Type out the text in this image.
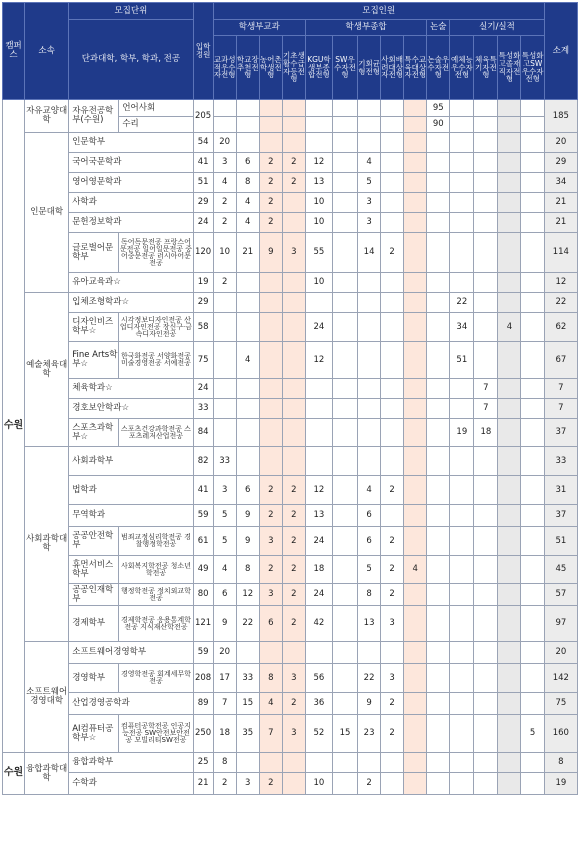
캠퍼스	소속	모집단위		입학정원	모집인원														소계
		단과대학, 학부, 학과, 전공			학생부교과				학생부종합					논술	실기/실적				
					교과성적우수자전형	학교장추천전형	농어촌학생전형	기초생활수급자등전형	KGU학생부종합전형	SW우수자전형	기회균형전형	사회배려대상자전형	특수교육대상자전형	논술우수자전형	예체능우수자전형	체육특기자전형	특성화고졸재직자전형	특성화고SW우수자전형	
수원	자유교양대학	자유전공학부(수원)	언어사회	205										95					185
			수리											90					
	인문대학	인문학부		54	20														20
		국어국문학과		41	3	6	2	2	12		4								29
		영어영문학과		51	4	8	2	2	13		5								34
		사학과		29	2	4	2		10		3								21
		문헌정보학과		24	2	4	2		10		3								21
		글로벌어문학부	독어독문전공 프랑스어문전공 일어일문전공 중어중문전공 러시아어문전공	120	10	21	9	3	55		14	2							114
		유아교육과☆		19	2				10										12
	예술체육대학	입체조형학과☆		29											22				22
		디자인비즈학부☆	시각정보디자인전공 산업디자인전공 장신구·금속디자인전공	58					24						34		4		62
		Fine Arts학부☆	한국화전공 서양화전공 미술경영전공 서예전공	75		4			12						51				67
		체육학과☆		24												7			7
		경호보안학과☆		33												7			7
		스포츠과학부☆	스포츠건강과학전공 스포츠레저산업전공	84											19	18			37
	사회과학대학	사회과학부		82	33														33
		법학과		41	3	6	2	2	12		4	2							31
		무역학과		59	5	9	2	2	13		6								37
		공공안전학부	범죄교정심리학전공 경찰행정학전공	61	5	9	3	2	24		6	2							51
		휴먼서비스학부	사회복지학전공 청소년학전공	49	4	8	2	2	18		5	2	4						45
		공공인재학부	행정학전공 정치외교학전공	80	6	12	3	2	24		8	2							57
		경제학부	경제학전공 응용통계학전공 지식재산학전공	121	9	22	6	2	42		13	3							97
	소프트웨어경영대학	소프트웨어경영학부		59	20														20
		경영학부	경영학전공 회계세무학전공	208	17	33	8	3	56		22	3							142
		산업경영공학과		89	7	15	4	2	36		9	2							75
		AI컴퓨터공학부☆	컴퓨터공학전공 인공지능전공 SW안전보안전공 모빌리티SW전공	250	18	35	7	3	52	15	23	2						5	160
수원	융합과학대학	융합과학부		25	8														8
		수학과		21	2	3	2		10		2								19
